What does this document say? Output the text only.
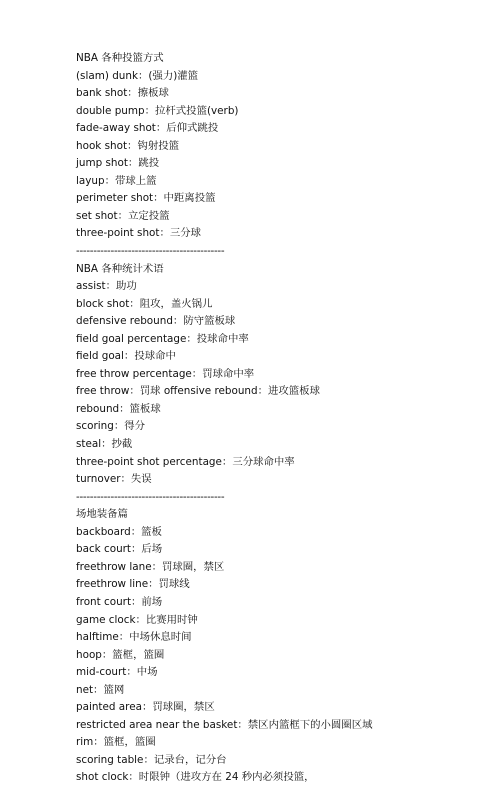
NBA 各种投篮方式
(slam) dunk：(强力)灌篮
bank shot：擦板球
double pump：拉杆式投篮(verb)
fade-away shot：后仰式跳投
hook shot：钩射投篮
jump shot：跳投
layup：带球上篮
perimeter shot：中距离投篮
set shot：立定投篮
three-point shot：三分球
-------------------------------------------
NBA 各种统计术语
assist：助功
block shot：阻攻，盖火锅儿
defensive rebound：防守篮板球
field goal percentage：投球命中率
field goal：投球命中
free throw percentage：罚球命中率
free throw：罚球 offensive rebound：进攻篮板球
rebound：篮板球
scoring：得分
steal：抄截
three-point shot percentage：三分球命中率
turnover：失误
-------------------------------------------
场地装备篇
backboard：篮板
back court：后场
freethrow lane：罚球圈，禁区
freethrow line：罚球线
front court：前场
game clock：比赛用时钟
halftime：中场休息时间
hoop：篮框，篮圈
mid-court：中场
net：篮网
painted area：罚球圈，禁区
restricted area near the basket：禁区内篮框下的小圆圈区域
rim：篮框，篮圈
scoring table：记录台，记分台
shot clock：时限钟（进攻方在 24 秒内必须投篮，
